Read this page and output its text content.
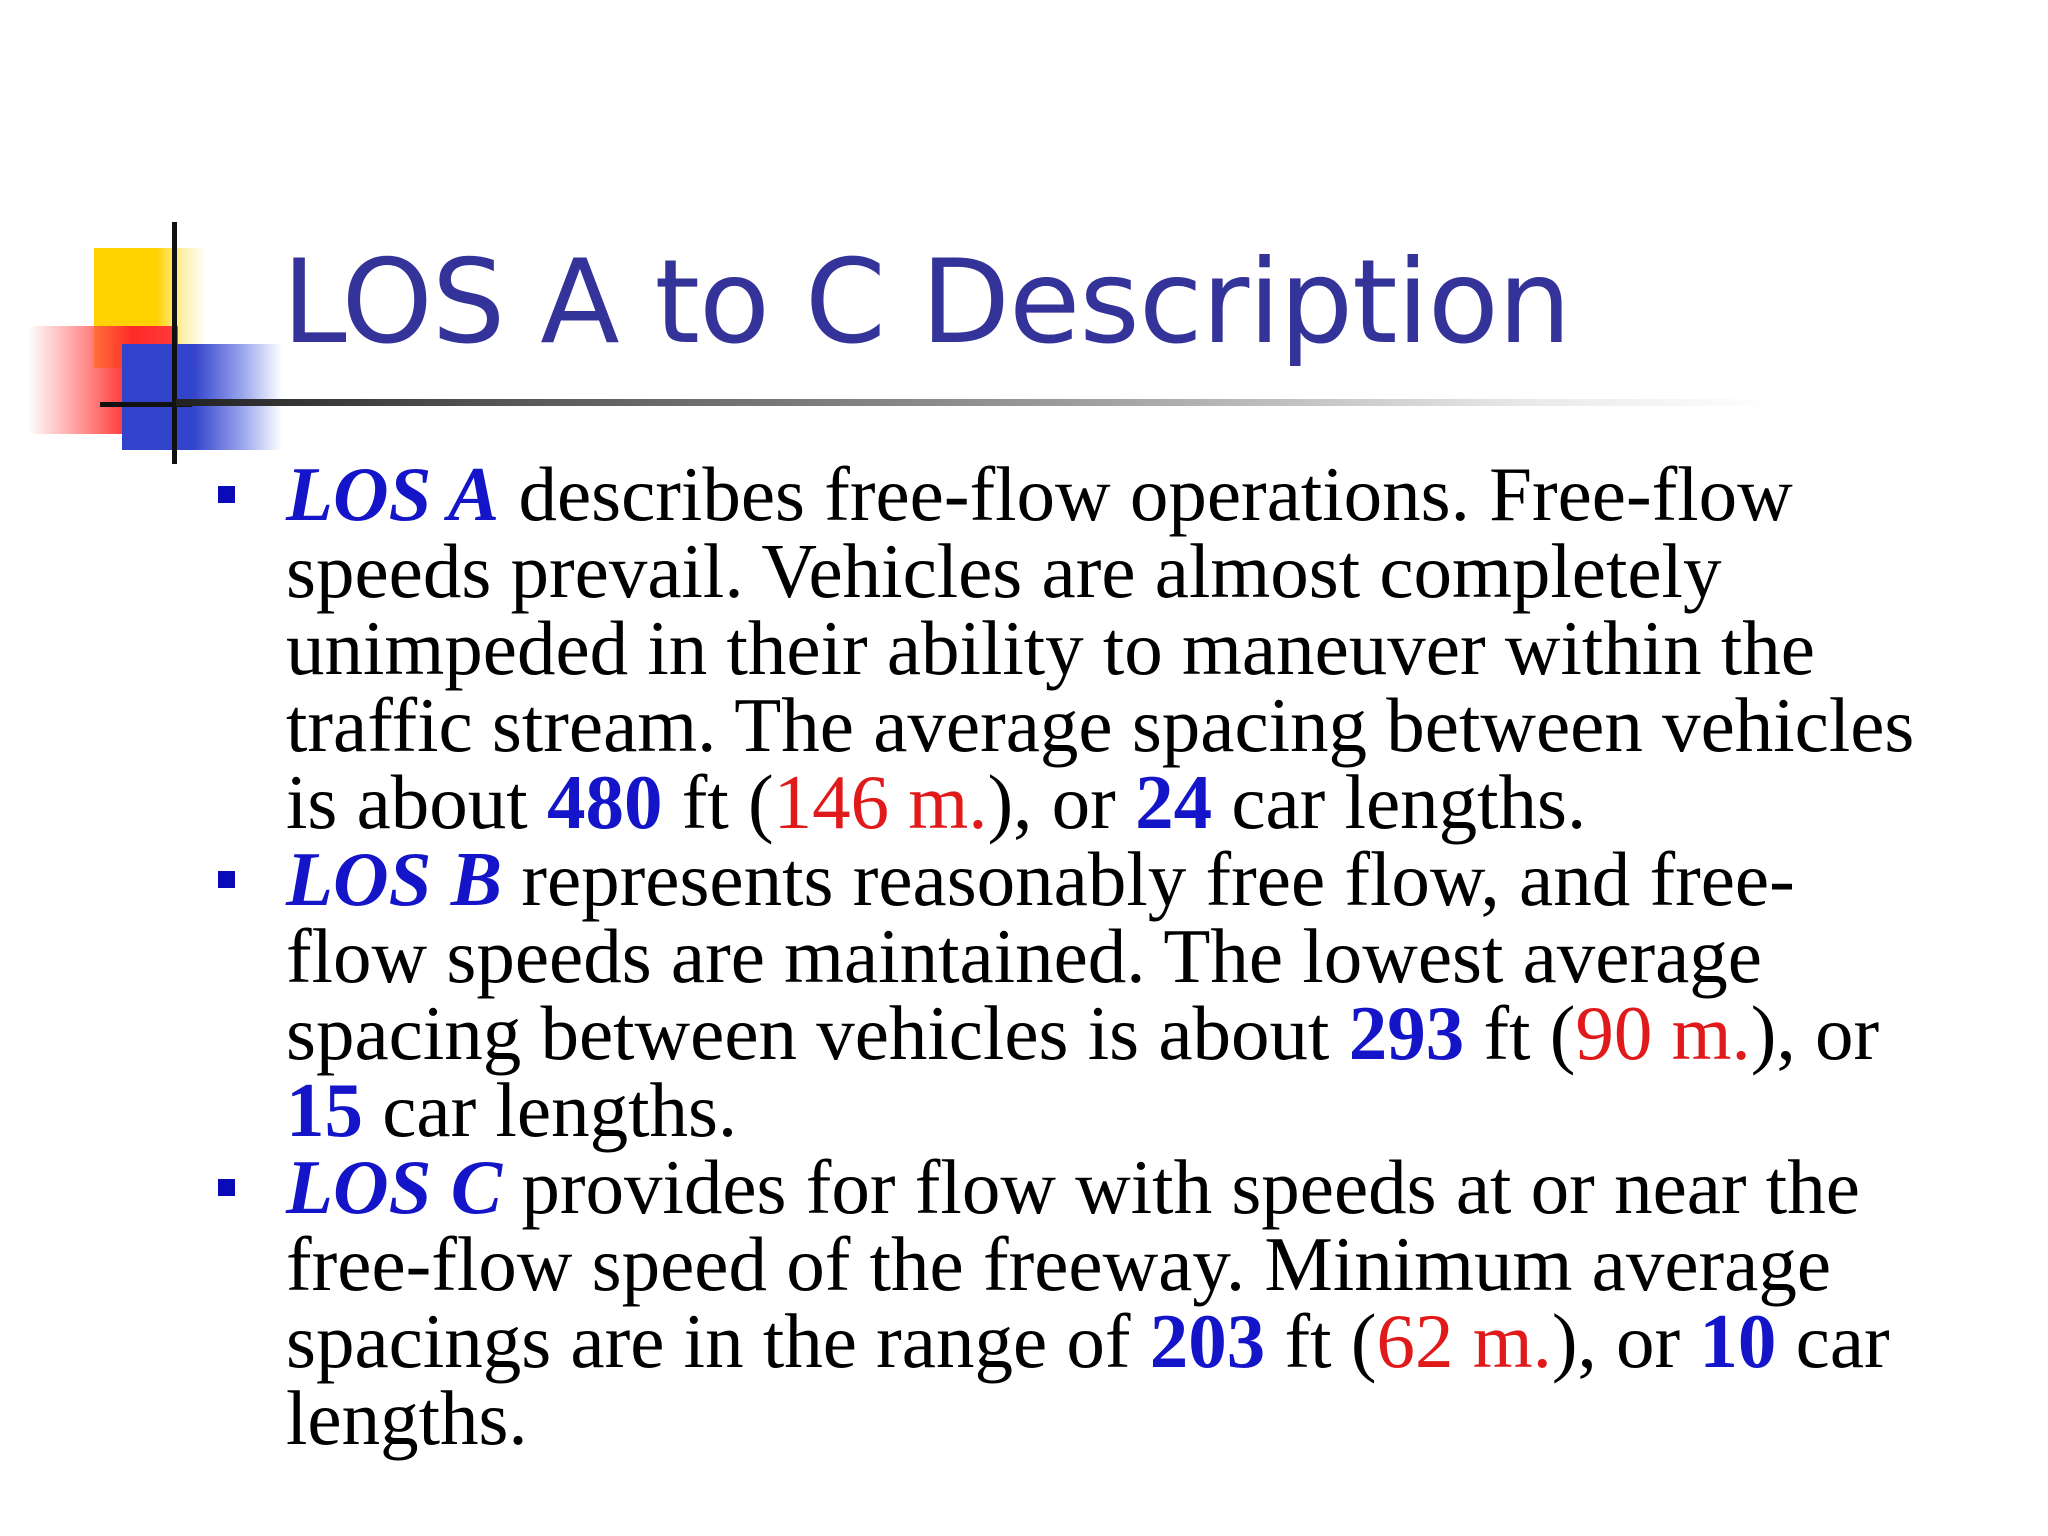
LOS A to C Description
LOS A describes free-flow operations. Free-flow
speeds prevail. Vehicles are almost completely
unimpeded in their ability to maneuver within the
traffic stream. The average spacing between vehicles
is about 480 ft (146 m.), or 24 car lengths.
LOS B represents reasonably free flow, and free-
flow speeds are maintained. The lowest average
spacing between vehicles is about 293 ft (90 m.), or
15 car lengths.
LOS C provides for flow with speeds at or near the
free-flow speed of the freeway. Minimum average
spacings are in the range of 203 ft (62 m.), or 10 car
lengths.
